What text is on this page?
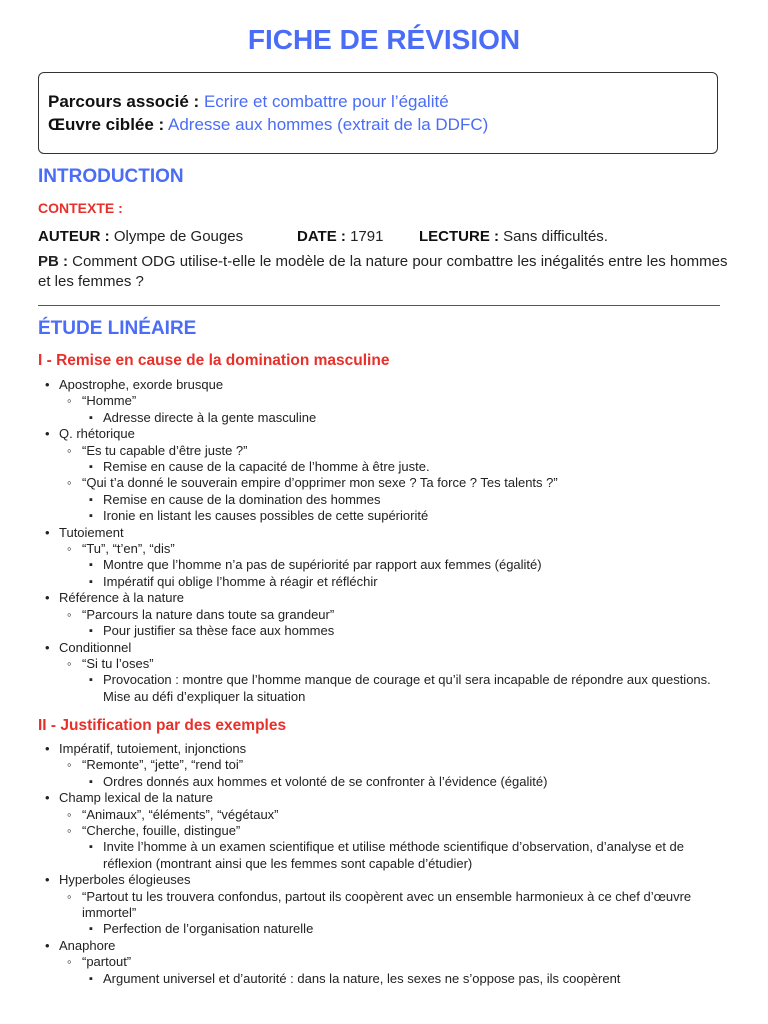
FICHE DE RÉVISION
Parcours associé : Ecrire et combattre pour l’égalité
Œuvre ciblée : Adresse aux hommes (extrait de la DDFC)
INTRODUCTION
CONTEXTE :
AUTEUR : Olympe de Gouges	DATE : 1791 LECTURE : Sans difficultés.
PB : Comment ODG utilise-t-elle le modèle de la nature pour combattre les inégalités entre les hommes et les femmes ?
ÉTUDE LINÉAIRE
I - Remise en cause de la domination masculine
• Apostrophe, exorde brusque
◦ “Homme”
▪ Adresse directe à la gente masculine
• Q. rhétorique
◦ “Es tu capable d’être juste ?”
▪ Remise en cause de la capacité de l’homme à être juste.
◦ “Qui t’a donné le souverain empire d’opprimer mon sexe ? Ta force ? Tes talents ?”
▪ Remise en cause de la domination des hommes
▪ Ironie en listant les causes possibles de cette supériorité
• Tutoiement
◦ “Tu”, “t’en”, “dis”
▪ Montre que l’homme n’a pas de supériorité par rapport aux femmes (égalité)
▪ Impératif qui oblige l’homme à réagir et réfléchir
• Référence à la nature
◦ “Parcours la nature dans toute sa grandeur”
▪ Pour justifier sa thèse face aux hommes
• Conditionnel
◦ “Si tu l’oses”
▪ Provocation : montre que l’homme manque de courage et qu’il sera incapable de répondre aux questions. Mise au défi d’expliquer la situation
II - Justification par des exemples
• Impératif, tutoiement, injonctions
◦ “Remonte”, “jette”, “rend toi”
▪ Ordres donnés aux hommes et volonté de se confronter à l’évidence (égalité)
• Champ lexical de la nature
◦ “Animaux”, “éléments”, “végétaux”
◦ “Cherche, fouille, distingue”
▪ Invite l’homme à un examen scientifique et utilise méthode scientifique d’observation, d’analyse et de réflexion (montrant ainsi que les femmes sont capable d’étudier)
• Hyperboles élogieuses
◦ “Partout tu les trouvera confondus, partout ils coopèrent avec un ensemble harmonieux à ce chef d’œuvre immortel”
▪ Perfection de l’organisation naturelle
• Anaphore
◦ “partout”
▪ Argument universel et d’autorité : dans la nature, les sexes ne s’oppose pas, ils coopèrent
